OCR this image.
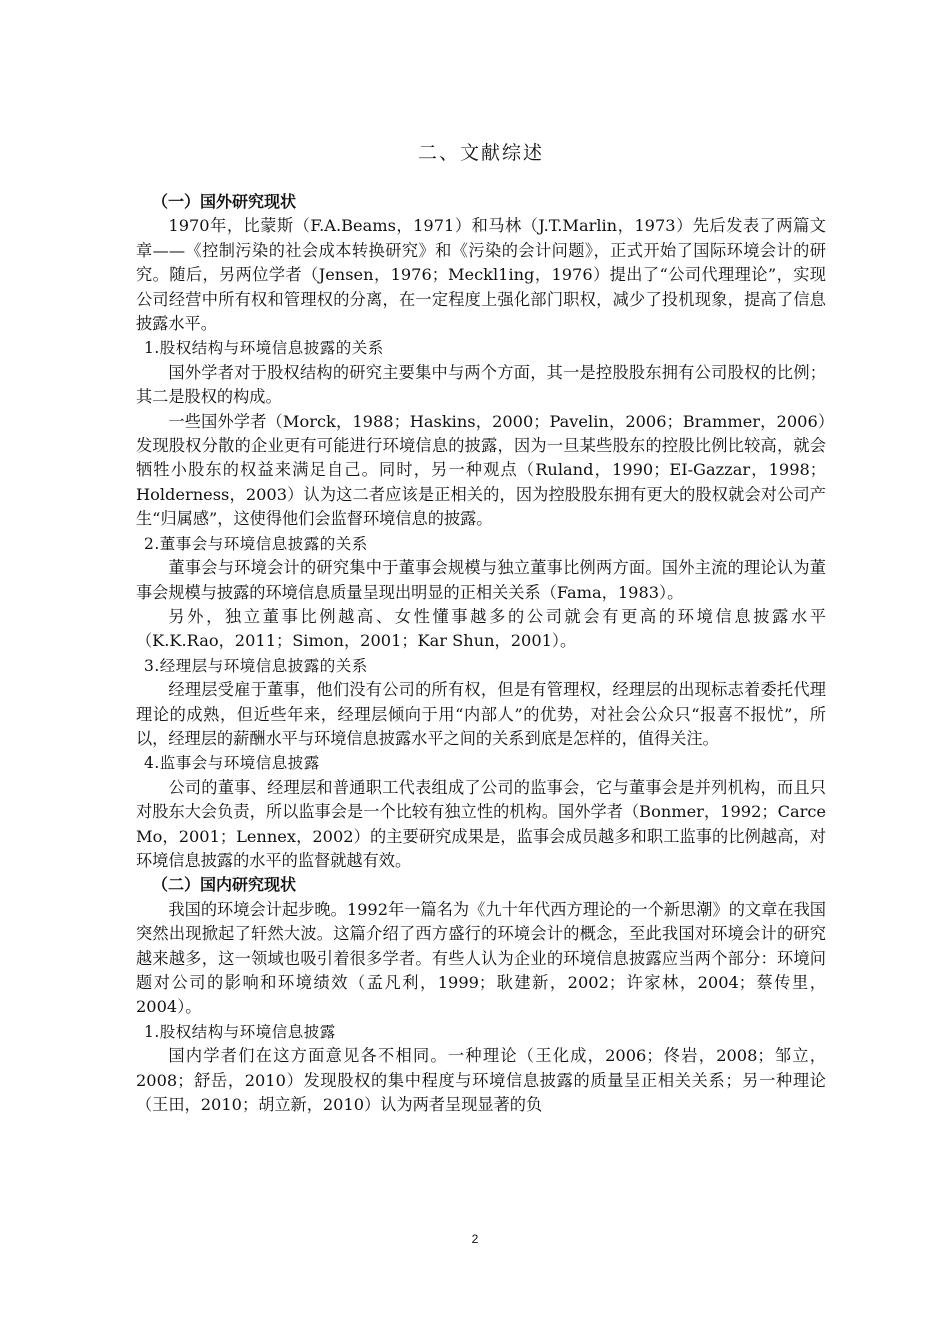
二、文献综述
（一）国外研究现状
1970年，比蒙斯（F.A.Beams，1971）和马林（J.T.Marlin，1973）先后发表了两篇文章——《控制污染的社会成本转换研究》和《污染的会计问题》，正式开始了国际环境会计的研究。随后，另两位学者（Jensen，1976；Meckl1ing，1976）提出了“公司代理理论”，实现公司经营中所有权和管理权的分离，在一定程度上强化部门职权，减少了投机现象，提高了信息披露水平。
1.股权结构与环境信息披露的关系
国外学者对于股权结构的研究主要集中与两个方面，其一是控股股东拥有公司股权的比例；其二是股权的构成。
一些国外学者（Morck，1988；Haskins，2000；Pavelin，2006；Brammer，2006）发现股权分散的企业更有可能进行环境信息的披露，因为一旦某些股东的控股比例比较高，就会牺牲小股东的权益来满足自己。同时，另一种观点（Ruland，1990；EI-Gazzar，1998；Holderness，2003）认为这二者应该是正相关的，因为控股股东拥有更大的股权就会对公司产生“归属感”，这使得他们会监督环境信息的披露。
2.董事会与环境信息披露的关系
董事会与环境会计的研究集中于董事会规模与独立董事比例两方面。国外主流的理论认为董事会规模与披露的环境信息质量呈现出明显的正相关关系（Fama，1983）。
另外，独立董事比例越高、女性懂事越多的公司就会有更高的环境信息披露水平（K.K.Rao，2011；Simon，2001；Kar Shun，2001）。
3.经理层与环境信息披露的关系
经理层受雇于董事，他们没有公司的所有权，但是有管理权，经理层的出现标志着委托代理理论的成熟，但近些年来，经理层倾向于用“内部人”的优势，对社会公众只“报喜不报忧”，所以，经理层的薪酬水平与环境信息披露水平之间的关系到底是怎样的，值得关注。
4.监事会与环境信息披露
公司的董事、经理层和普通职工代表组成了公司的监事会，它与董事会是并列机构，而且只对股东大会负责，所以监事会是一个比较有独立性的机构。国外学者（Bonmer，1992；Carce Mo，2001；Lennex，2002）的主要研究成果是，监事会成员越多和职工监事的比例越高，对环境信息披露的水平的监督就越有效。
（二）国内研究现状
我国的环境会计起步晚。1992年一篇名为《九十年代西方理论的一个新思潮》的文章在我国突然出现掀起了轩然大波。这篇介绍了西方盛行的环境会计的概念，至此我国对环境会计的研究越来越多，这一领域也吸引着很多学者。有些人认为企业的环境信息披露应当两个部分：环境问题对公司的影响和环境绩效（孟凡利，1999；耿建新，2002；许家林，2004；蔡传里，2004）。
1.股权结构与环境信息披露
国内学者们在这方面意见各不相同。一种理论（王化成，2006；佟岩，2008；邹立，2008；舒岳，2010）发现股权的集中程度与环境信息披露的质量呈正相关关系；另一种理论（王田，2010；胡立新，2010）认为两者呈现显著的负
2
